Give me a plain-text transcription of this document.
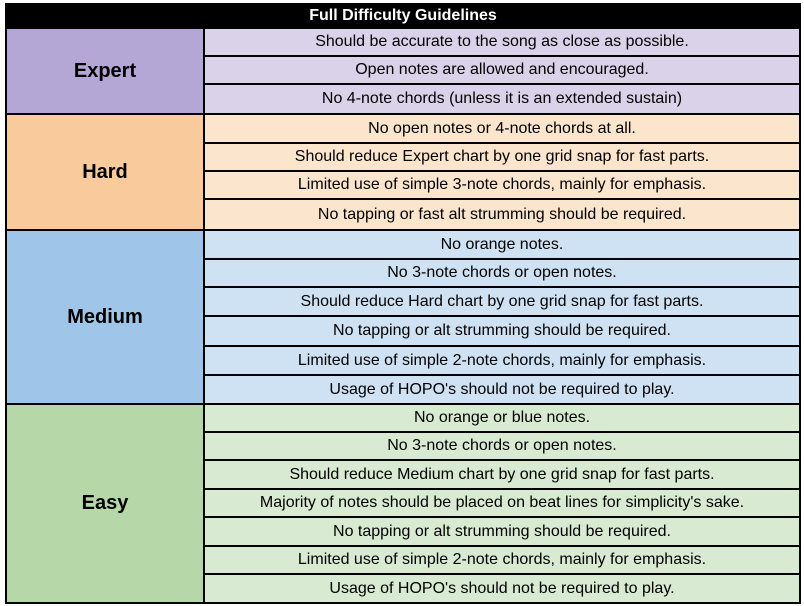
Full Difficulty Guidelines
Expert
Should be accurate to the song as close as possible.
Open notes are allowed and encouraged.
No 4-note chords (unless it is an extended sustain)
Hard
No open notes or 4-note chords at all.
Should reduce Expert chart by one grid snap for fast parts.
Limited use of simple 3-note chords, mainly for emphasis.
No tapping or fast alt strumming should be required.
Medium
No orange notes.
No 3-note chords or open notes.
Should reduce Hard chart by one grid snap for fast parts.
No tapping or alt strumming should be required.
Limited use of simple 2-note chords, mainly for emphasis.
Usage of HOPO's should not be required to play.
Easy
No orange or blue notes.
No 3-note chords or open notes.
Should reduce Medium chart by one grid snap for fast parts.
Majority of notes should be placed on beat lines for simplicity's sake.
No tapping or alt strumming should be required.
Limited use of simple 2-note chords, mainly for emphasis.
Usage of HOPO's should not be required to play.
